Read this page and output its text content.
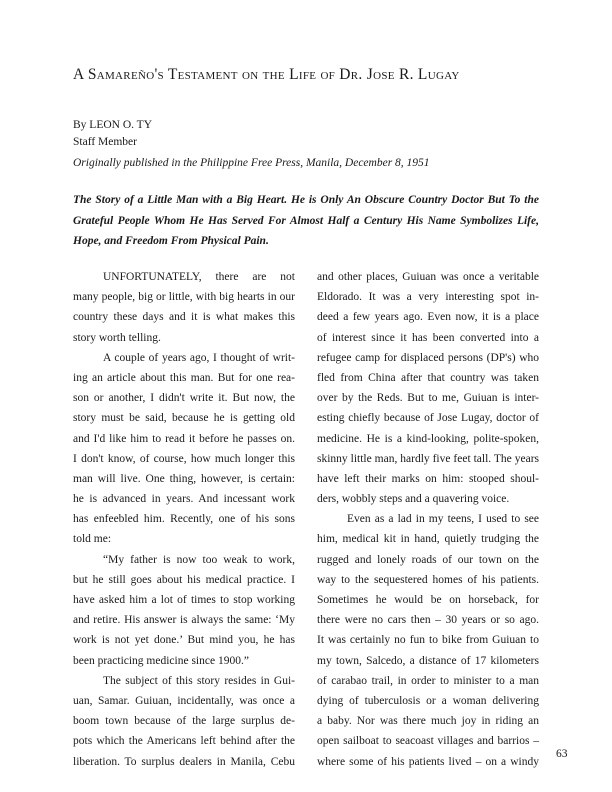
A Samareño's Testament on the Life of Dr. Jose R. Lugay
By LEON O. TY
Staff Member
Originally published in the Philippine Free Press, Manila, December 8, 1951
The Story of a Little Man with a Big Heart. He is Only An Obscure Country Doctor But To the Grateful People Whom He Has Served For Almost Half a Century His Name Symbolizes Life, Hope, and Freedom From Physical Pain.
UNFORTUNATELY, there are not
many people, big or little, with big hearts in our
country these days and it is what makes this
story worth telling.
A couple of years ago, I thought of writ-
ing an article about this man. But for one rea-
son or another, I didn't write it. But now, the
story must be said, because he is getting old
and I'd like him to read it before he passes on.
I don't know, of course, how much longer this
man will live. One thing, however, is certain:
he is advanced in years. And incessant work
has enfeebled him. Recently, one of his sons
told me:
“My father is now too weak to work,
but he still goes about his medical practice. I
have asked him a lot of times to stop working
and retire. His answer is always the same: ‘My
work is not yet done.’ But mind you, he has
been practicing medicine since 1900.”
The subject of this story resides in Gui-
uan, Samar. Guiuan, incidentally, was once a
boom town because of the large surplus de-
pots which the Americans left behind after the
liberation. To surplus dealers in Manila, Cebu
and other places, Guiuan was once a veritable
Eldorado. It was a very interesting spot in-
deed a few years ago. Even now, it is a place
of interest since it has been converted into a
refugee camp for displaced persons (DP's) who
fled from China after that country was taken
over by the Reds. But to me, Guiuan is inter-
esting chiefly because of Jose Lugay, doctor of
medicine. He is a kind-looking, polite-spoken,
skinny little man, hardly five feet tall. The years
have left their marks on him: stooped shoul-
ders, wobbly steps and a quavering voice.
Even as a lad in my teens, I used to see
him, medical kit in hand, quietly trudging the
rugged and lonely roads of our town on the
way to the sequestered homes of his patients.
Sometimes he would be on horseback, for
there were no cars then – 30 years or so ago.
It was certainly no fun to bike from Guiuan to
my town, Salcedo, a distance of 17 kilometers
of carabao trail, in order to minister to a man
dying of tuberculosis or a woman delivering
a baby. Nor was there much joy in riding an
open sailboat to seacoast villages and barrios –
where some of his patients lived – on a windy
63
